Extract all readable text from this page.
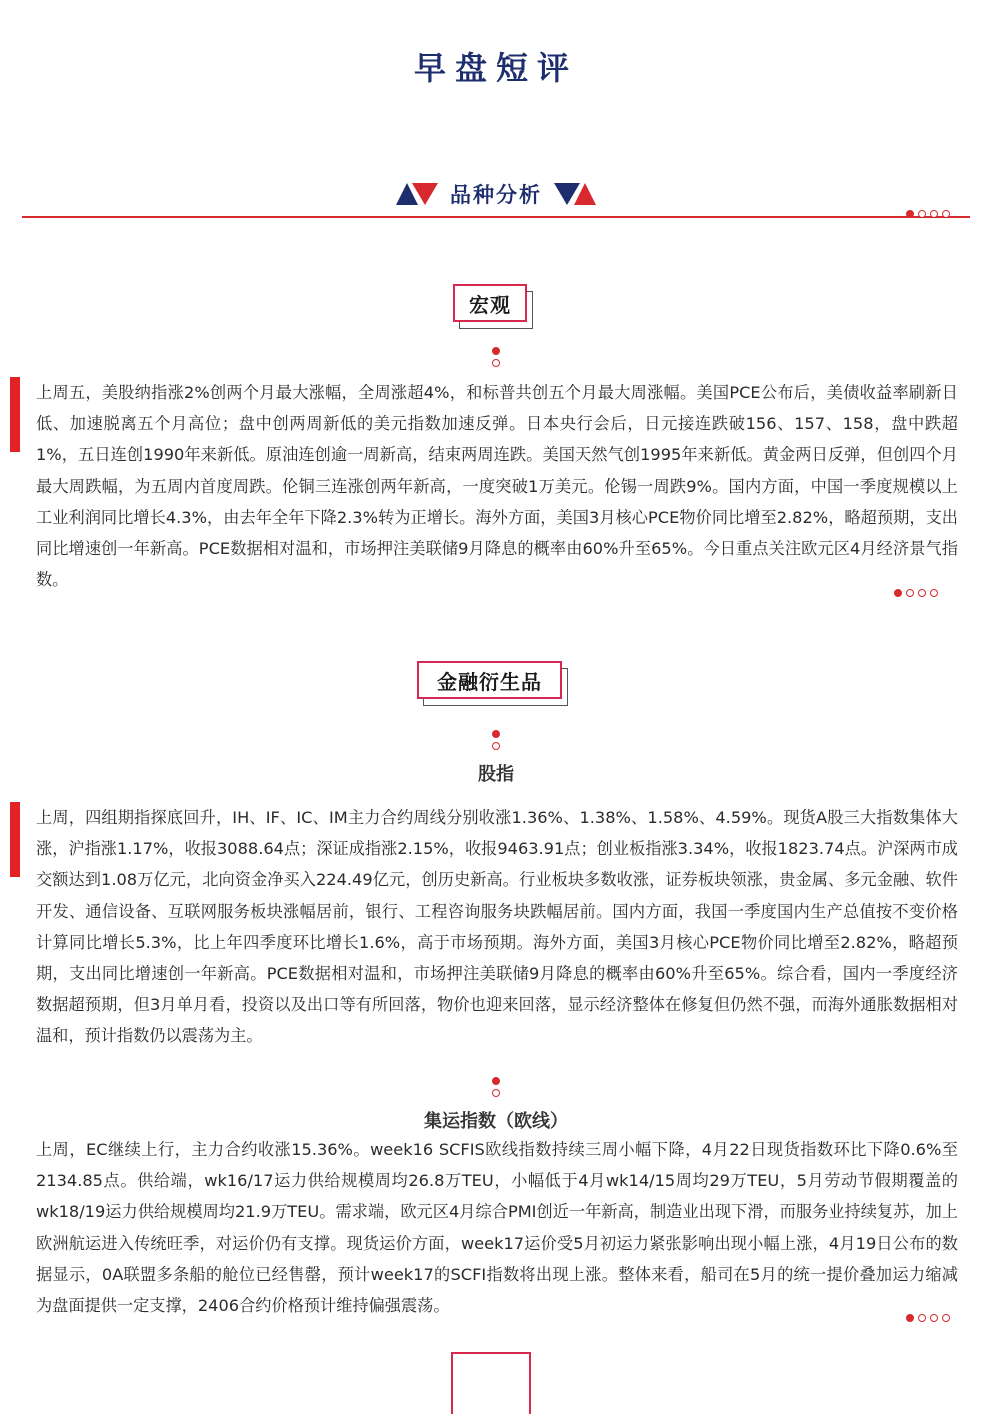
早盘短评
品种分析
宏观

上周五，美股纳指涨2%创两个月最大涨幅，全周涨超4%，和标普共创五个月最大周涨幅。美国PCE公布后，美债收益率刷新日低、加速脱离五个月高位；盘中创两周新低的美元指数加速反弹。日本央行会后，日元接连跌破156、157、158，盘中跌超1%，五日连创1990年来新低。原油连创逾一周新高，结束两周连跌。美国天然气创1995年来新低。黄金两日反弹，但创四个月最大周跌幅，为五周内首度周跌。伦铜三连涨创两年新高，一度突破1万美元。伦锡一周跌9%。国内方面，中国一季度规模以上工业利润同比增长4.3%，由去年全年下降2.3%转为正增长。海外方面，美国3月核心PCE物价同比增至2.82%，略超预期，支出同比增速创一年新高。PCE数据相对温和，市场押注美联储9月降息的概率由60%升至65%。今日重点关注欧元区4月经济景气指数。

金融衍生品
股指

上周，四组期指探底回升，IH、IF、IC、IM主力合约周线分别收涨1.36%、1.38%、1.58%、4.59%。现货A股三大指数集体大涨，沪指涨1.17%，收报3088.64点；深证成指涨2.15%，收报9463.91点；创业板指涨3.34%，收报1823.74点。沪深两市成交额达到1.08万亿元，北向资金净买入224.49亿元，创历史新高。行业板块多数收涨，证券板块领涨，贵金属、多元金融、软件开发、通信设备、互联网服务板块涨幅居前，银行、工程咨询服务块跌幅居前。国内方面，我国一季度国内生产总值按不变价格计算同比增长5.3%，比上年四季度环比增长1.6%，高于市场预期。海外方面，美国3月核心PCE物价同比增至2.82%，略超预期，支出同比增速创一年新高。PCE数据相对温和，市场押注美联储9月降息的概率由60%升至65%。综合看，国内一季度经济数据超预期，但3月单月看，投资以及出口等有所回落，物价也迎来回落，显示经济整体在修复但仍然不强，而海外通胀数据相对温和，预计指数仍以震荡为主。

集运指数（欧线）

上周，EC继续上行，主力合约收涨15.36%。week16 SCFIS欧线指数持续三周小幅下降，4月22日现货指数环比下降0.6%至2134.85点。供给端，wk16/17运力供给规模周均26.8万TEU，小幅低于4月wk14/15周均29万TEU，5月劳动节假期覆盖的wk18/19运力供给规模周均21.9万TEU。需求端，欧元区4月综合PMI创近一年新高，制造业出现下滑，而服务业持续复苏，加上欧洲航运进入传统旺季，对运价仍有支撑。现货运价方面，week17运价受5月初运力紧张影响出现小幅上涨，4月19日公布的数据显示，0A联盟多条船的舱位已经售罄，预计week17的SCFI指数将出现上涨。整体来看，船司在5月的统一提价叠加运力缩减为盘面提供一定支撑，2406合约价格预计维持偏强震荡。
